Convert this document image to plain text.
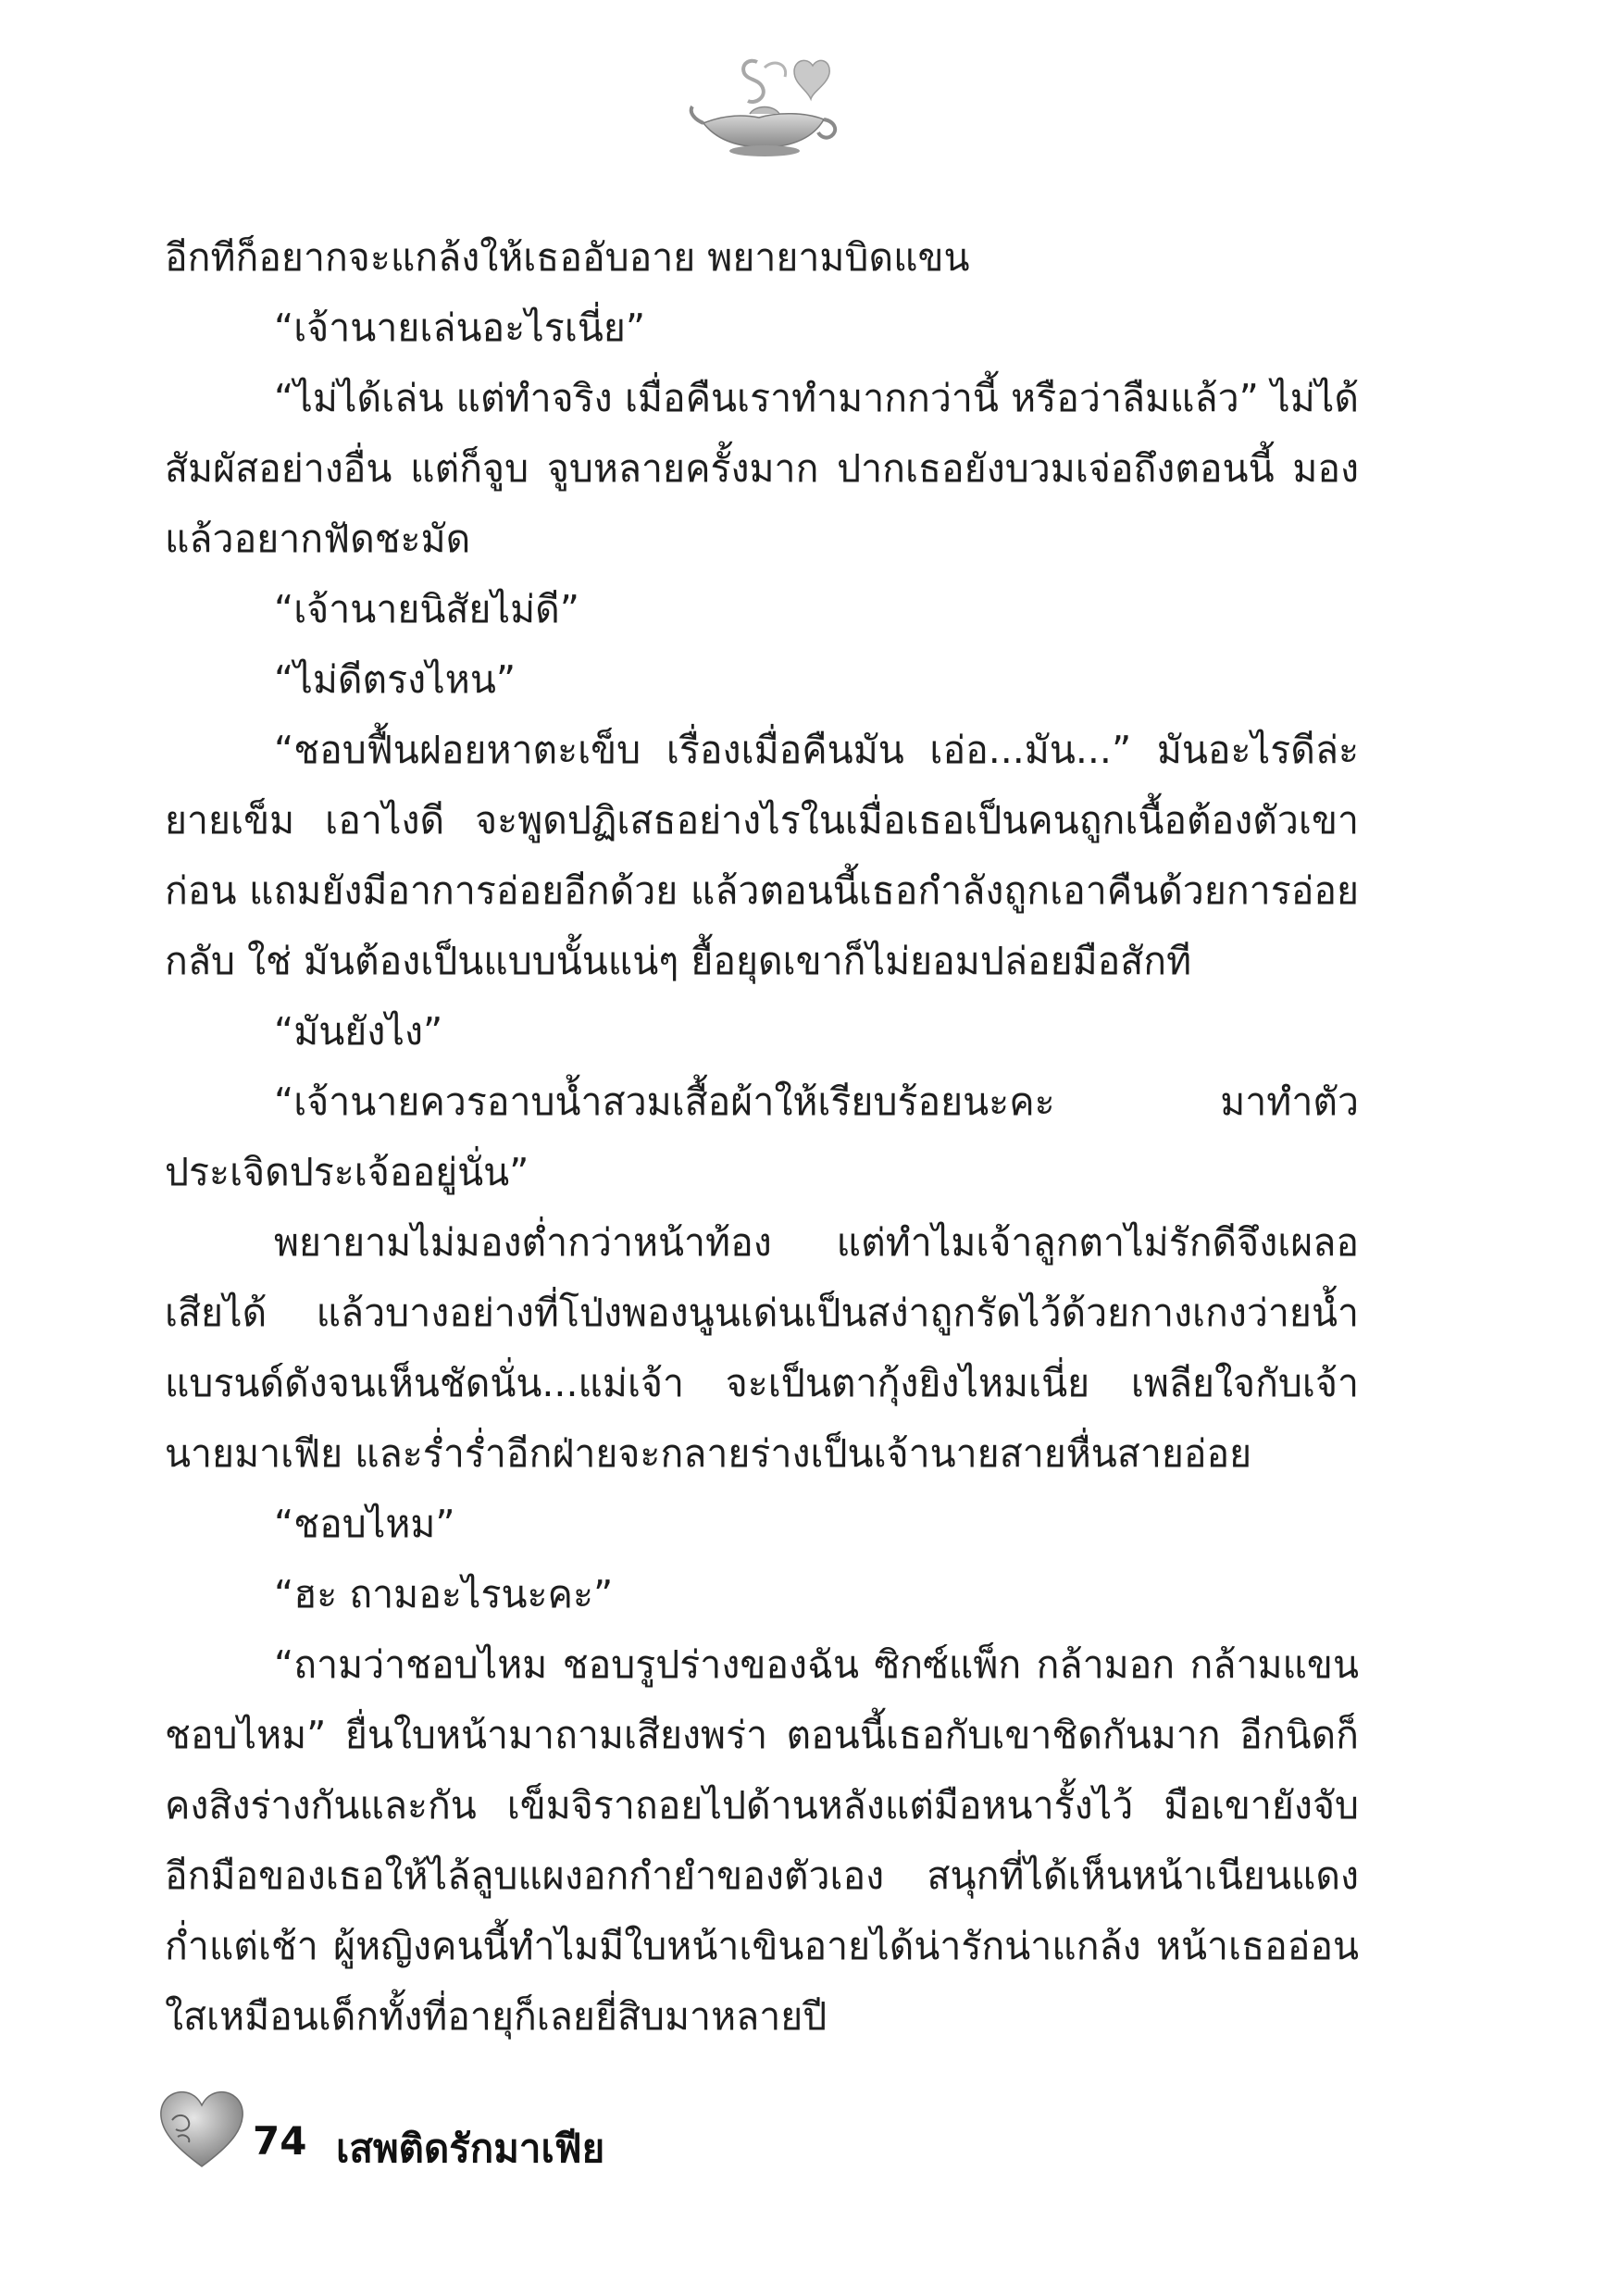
อีกทีก็อยากจะแกล้งให้เธออับอาย พยายามบิดแขน

“เจ้านายเล่นอะไรเนี่ย”

“ไม่ได้เล่น แต่ทำจริง เมื่อคืนเราทำมากกว่านี้ หรือว่าลืมแล้ว” ไม่ได้สัมผัสอย่างอื่น แต่ก็จูบ จูบหลายครั้งมาก ปากเธอยังบวมเจ่อถึงตอนนี้ มองแล้วอยากฟัดชะมัด

“เจ้านายนิสัยไม่ดี”

“ไม่ดีตรงไหน”

“ชอบฟื้นฝอยหาตะเข็บ เรื่องเมื่อคืนมัน เอ่อ...มัน...” มันอะไรดีล่ะยายเข็ม เอาไงดี จะพูดปฏิเสธอย่างไรในเมื่อเธอเป็นคนถูกเนื้อต้องตัวเขาก่อน แถมยังมีอาการอ่อยอีกด้วย แล้วตอนนี้เธอกำลังถูกเอาคืนด้วยการอ่อยกลับ ใช่ มันต้องเป็นแบบนั้นแน่ๆ ยื้อยุดเขาก็ไม่ยอมปล่อยมือสักที

“มันยังไง”

“เจ้านายควรอาบน้ำสวมเสื้อผ้าให้เรียบร้อยนะคะ มาทำตัวประเจิดประเจ้ออยู่นั่น”

พยายามไม่มองต่ำกว่าหน้าท้อง แต่ทำไมเจ้าลูกตาไม่รักดีจึงเผลอเสียได้ แล้วบางอย่างที่โป่งพองนูนเด่นเป็นสง่าถูกรัดไว้ด้วยกางเกงว่ายน้ำแบรนด์ดังจนเห็นชัดนั่น...แม่เจ้า จะเป็นตากุ้งยิงไหมเนี่ย เพลียใจกับเจ้านายมาเฟีย และร่ำร่ำอีกฝ่ายจะกลายร่างเป็นเจ้านายสายหื่นสายอ่อย

“ชอบไหม”

“ฮะ ถามอะไรนะคะ”

“ถามว่าชอบไหม ชอบรูปร่างของฉัน ซิกซ์แพ็ก กล้ามอก กล้ามแขนชอบไหม” ยื่นใบหน้ามาถามเสียงพร่า ตอนนี้เธอกับเขาชิดกันมาก อีกนิดก็คงสิงร่างกันและกัน เข็มจิราถอยไปด้านหลังแต่มือหนารั้งไว้ มือเขายังจับอีกมือของเธอให้ไล้ลูบแผงอกกำยำของตัวเอง สนุกที่ได้เห็นหน้าเนียนแดงก่ำแต่เช้า ผู้หญิงคนนี้ทำไมมีใบหน้าเขินอายได้น่ารักน่าแกล้ง หน้าเธออ่อนใสเหมือนเด็กทั้งที่อายุก็เลยยี่สิบมาหลายปี

74 เสพติดรักมาเฟีย
